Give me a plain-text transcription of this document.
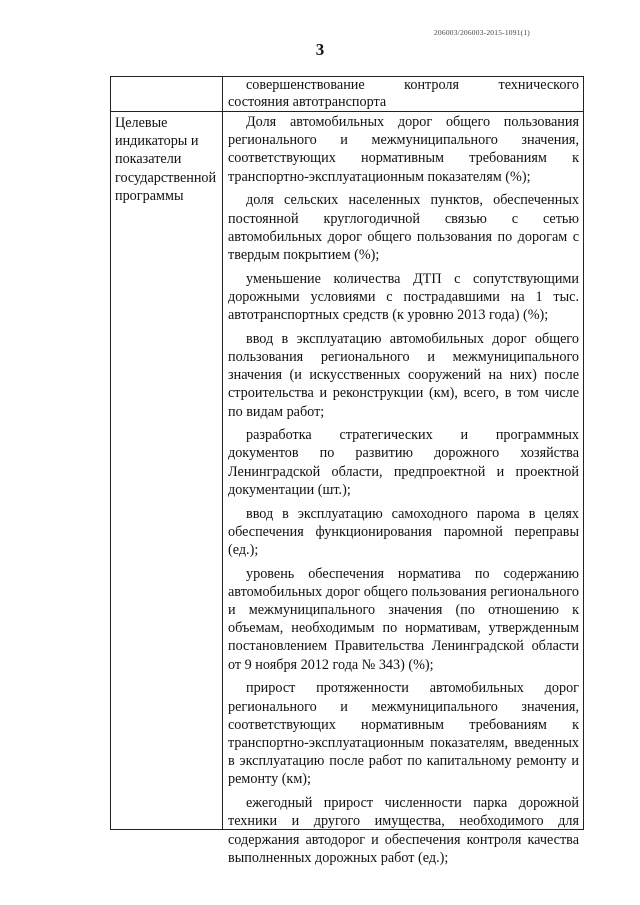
206003/206003-2015-1091(1)
3
совершенствование контроля технического
состояния автотранспорта
Целевые индикаторы и показатели государственной программы

Доля автомобильных дорог общего пользования регионального и межмуниципального значения, соответствующих нормативным требованиям к транспортно-эксплуатационным показателям (%);

доля сельских населенных пунктов, обеспеченных постоянной круглогодичной связью с сетью автомобильных дорог общего пользования по дорогам с твердым покрытием (%);

уменьшение количества ДТП с сопутствующими дорожными условиями с пострадавшими на 1 тыс. автотранспортных средств (к уровню 2013 года) (%);

ввод в эксплуатацию автомобильных дорог общего пользования регионального и межмуниципального значения (и искусственных сооружений на них) после строительства и реконструкции (км), всего, в том числе по видам работ;

разработка стратегических и программных документов по развитию дорожного хозяйства Ленинградской области, предпроектной и проектной документации (шт.);

ввод в эксплуатацию самоходного парома в целях обеспечения функционирования паромной переправы (ед.);

уровень обеспечения норматива по содержанию автомобильных дорог общего пользования регионального и межмуниципального значения (по отношению к объемам, необходимым по нормативам, утвержденным постановлением Правительства Ленинградской области от 9 ноября 2012 года № 343) (%);

прирост протяженности автомобильных дорог регионального и межмуниципального значения, соответствующих нормативным требованиям к транспортно-эксплуатационным показателям, введенных в эксплуатацию после работ по капитальному ремонту и ремонту (км);

ежегодный прирост численности парка дорожной техники и другого имущества, необходимого для содержания автодорог и обеспечения контроля качества выполненных дорожных работ (ед.);
